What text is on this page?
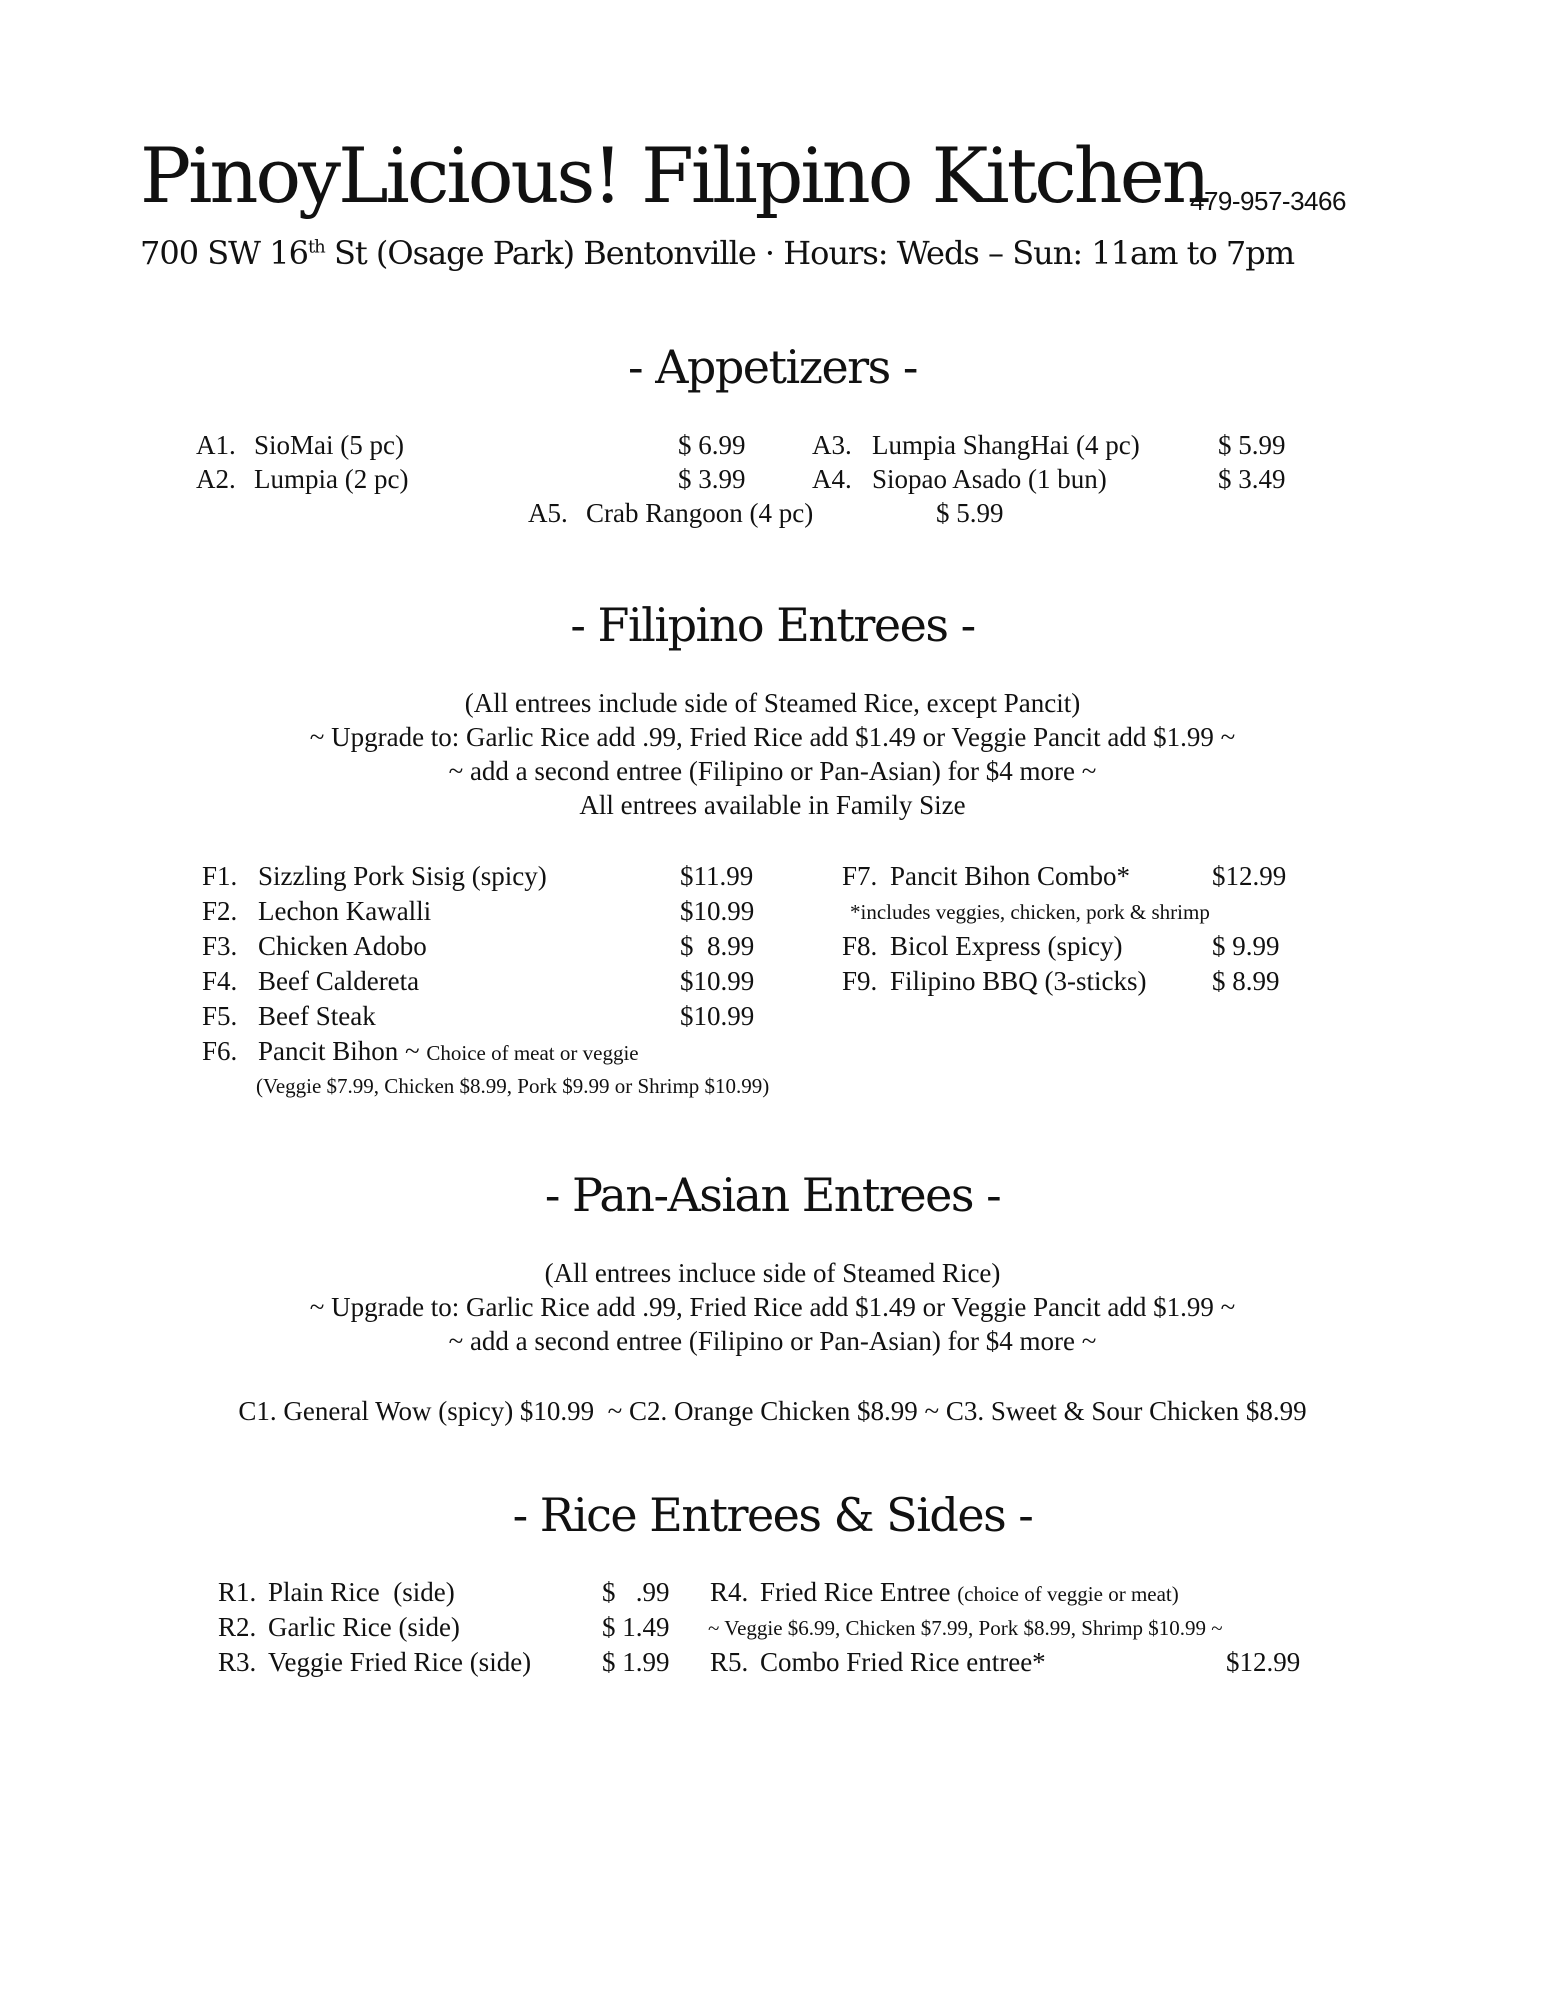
PinoyLicious! Filipino Kitchen
479-957-3466
700 SW 16th St (Osage Park) Bentonville · Hours: Weds – Sun: 11am to 7pm
- Appetizers -
A1. SioMai (5 pc)	$ 6.99
A2. Lumpia (2 pc)	$ 3.99
A3. Lumpia ShangHai (4 pc)	$ 5.99
A4. Siopao Asado (1 bun)	$ 3.49
A5. Crab Rangoon (4 pc)	$ 5.99
- Filipino Entrees -
(All entrees include side of Steamed Rice, except Pancit)
~ Upgrade to: Garlic Rice add .99, Fried Rice add $1.49 or Veggie Pancit add $1.99 ~
~ add a second entree (Filipino or Pan-Asian) for $4 more ~
All entrees available in Family Size
F1. Sizzling Pork Sisig (spicy)	$11.99
F2. Lechon Kawalli	$10.99
F3. Chicken Adobo	$  8.99
F4. Beef Caldereta	$10.99
F5. Beef Steak	$10.99
F6. Pancit Bihon ~ Choice of meat or veggie
(Veggie $7.99, Chicken $8.99, Pork $9.99 or Shrimp $10.99)
F7. Pancit Bihon Combo*	$12.99
*includes veggies, chicken, pork & shrimp
F8. Bicol Express (spicy)	$ 9.99
F9. Filipino BBQ (3-sticks) $ 8.99
- Pan-Asian Entrees -
(All entrees incluce side of Steamed Rice)
~ Upgrade to: Garlic Rice add .99, Fried Rice add $1.49 or Veggie Pancit add $1.99 ~
~ add a second entree (Filipino or Pan-Asian) for $4 more ~
C1. General Wow (spicy) $10.99  ~ C2. Orange Chicken $8.99 ~ C3. Sweet & Sour Chicken $8.99
- Rice Entrees & Sides -
R1. Plain Rice  (side)	$   .99
R2. Garlic Rice (side)	$ 1.49
R3. Veggie Fried Rice (side)	$ 1.99
R4. Fried Rice Entree (choice of veggie or meat)
~ Veggie $6.99, Chicken $7.99, Pork $8.99, Shrimp $10.99 ~
R5. Combo Fried Rice entree*	$12.99
